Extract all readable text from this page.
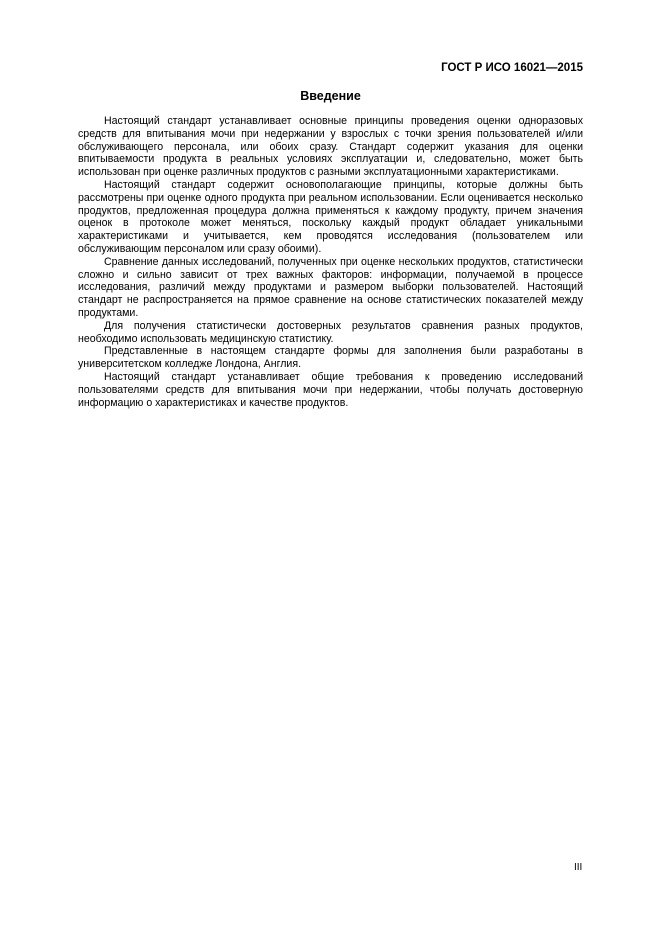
ГОСТ Р ИСО 16021—2015
Введение

Настоящий стандарт устанавливает основные принципы проведения оценки одноразовых средств для впитывания мочи при недержании у взрослых с точки зрения пользователей и/или обслуживающего персонала, или обоих сразу. Стандарт содержит указания для оценки впитываемости продукта в реальных условиях эксплуатации и, следовательно, может быть использован при оценке различных продуктов с разными эксплуатационными характеристиками.

Настоящий стандарт содержит основополагающие принципы, которые должны быть рассмотрены при оценке одного продукта при реальном использовании. Если оценивается несколько продуктов, предложенная процедура должна применяться к каждому продукту, причем значения оценок в протоколе может меняться, поскольку каждый продукт обладает уникальными характеристиками и учитывается, кем проводятся исследования (пользователем или обслуживающим персоналом или сразу обоими).

Сравнение данных исследований, полученных при оценке нескольких продуктов, статистически сложно и сильно зависит от трех важных факторов: информации, получаемой в процессе исследования, различий между продуктами и размером выборки пользователей. Настоящий стандарт не распространяется на прямое сравнение на основе статистических показателей между продуктами.

Для получения статистически достоверных результатов сравнения разных продуктов, необходимо использовать медицинскую статистику.

Представленные в настоящем стандарте формы для заполнения были разработаны в университетском колледже Лондона, Англия.

Настоящий стандарт устанавливает общие требования к проведению исследований пользователями средств для впитывания мочи при недержании, чтобы получать достоверную информацию о характеристиках и качестве продуктов.

III
